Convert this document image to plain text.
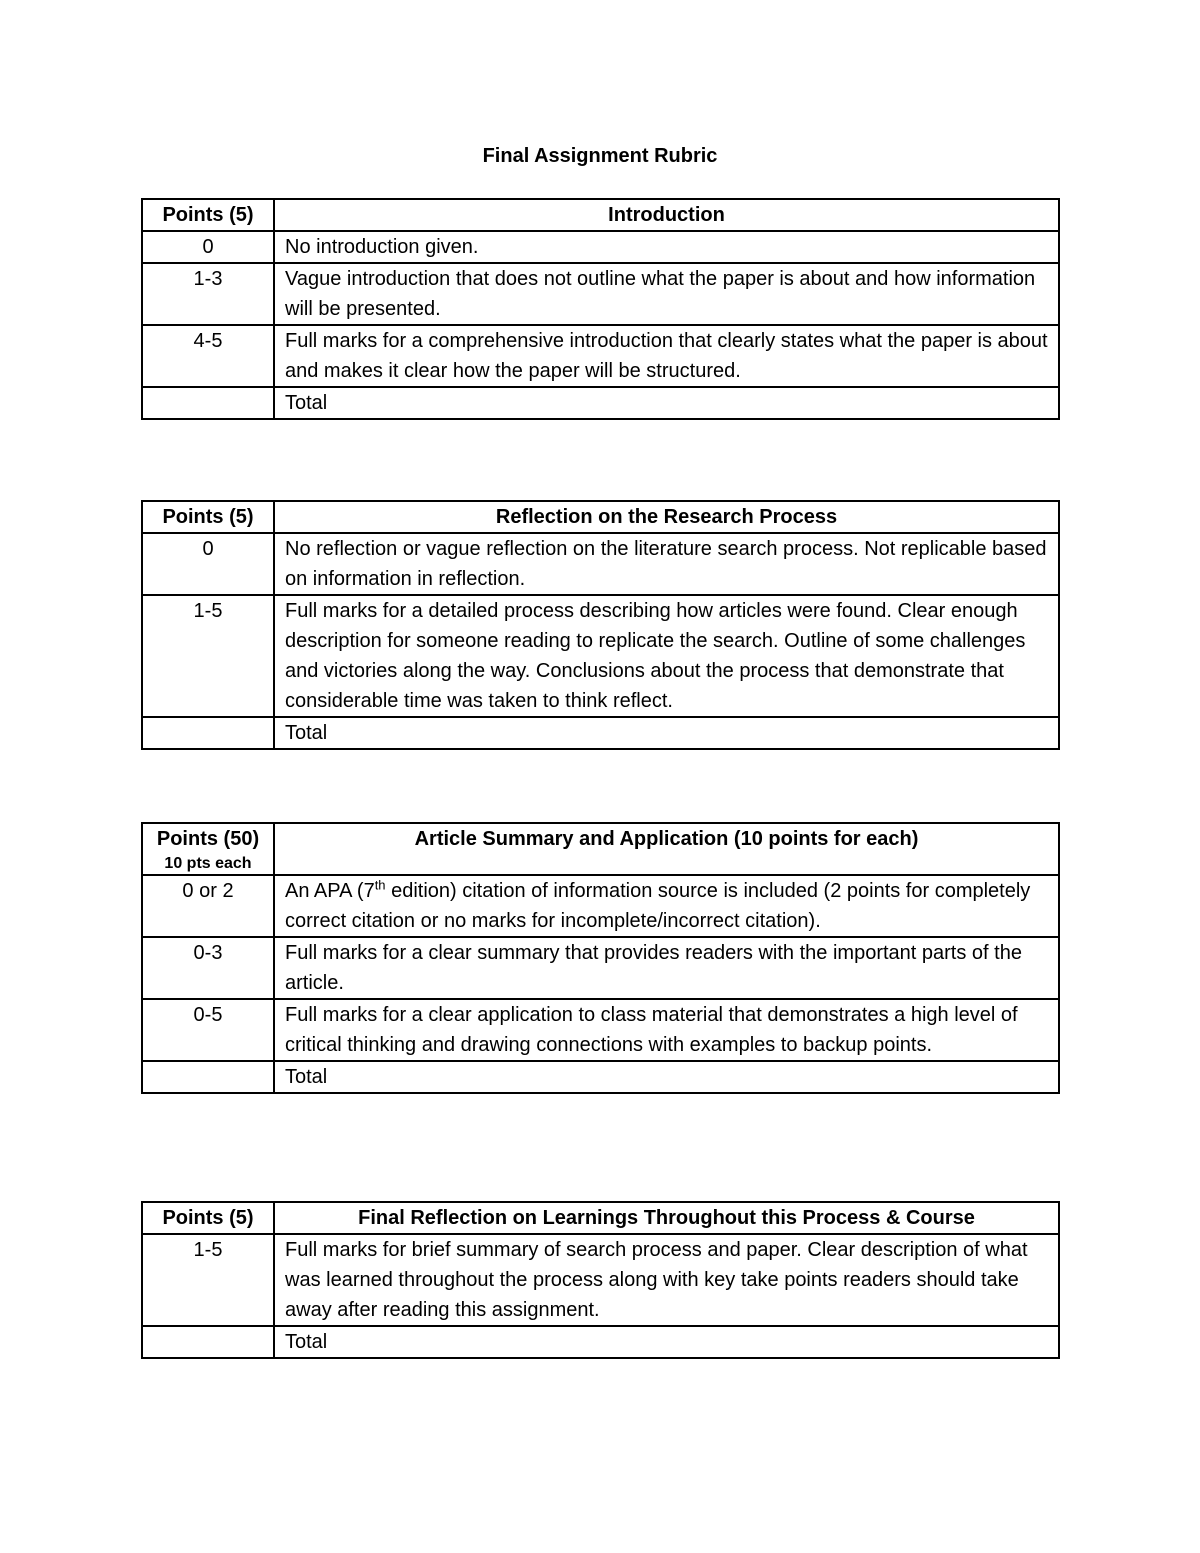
Final Assignment Rubric
Points (5)	Introduction
0	No introduction given.
1-3	Vague introduction that does not outline what the paper is about and how information will be presented.
4-5	Full marks for a comprehensive introduction that clearly states what the paper is about and makes it clear how the paper will be structured.
	Total
Points (5)	Reflection on the Research Process
0	No reflection or vague reflection on the literature search process. Not replicable based on information in reflection.
1-5	Full marks for a detailed process describing how articles were found. Clear enough description for someone reading to replicate the search. Outline of some challenges and victories along the way. Conclusions about the process that demonstrate that considerable time was taken to think reflect.
	Total
Points (50)
10 pts each	Article Summary and Application (10 points for each)
0 or 2	An APA (7th edition) citation of information source is included (2 points for completely correct citation or no marks for incomplete/incorrect citation).
0-3	Full marks for a clear summary that provides readers with the important parts of the article.
0-5	Full marks for a clear application to class material that demonstrates a high level of critical thinking and drawing connections with examples to backup points.
	Total
Points (5)	Final Reflection on Learnings Throughout this Process & Course
1-5	Full marks for brief summary of search process and paper. Clear description of what was learned throughout the process along with key take points readers should take away after reading this assignment.
	Total
